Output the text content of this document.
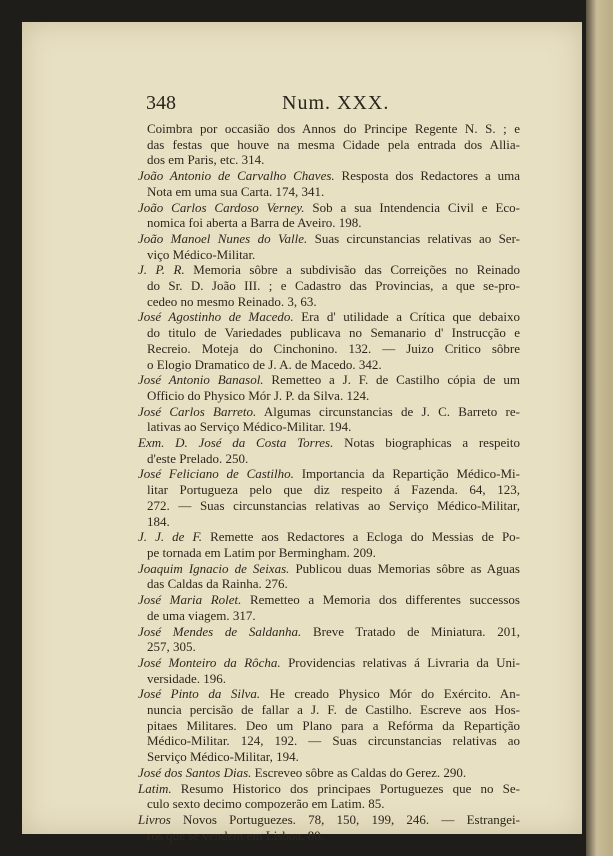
348	Num. XXX.
Coimbra por occasião dos Annos do Principe Regente N. S. ; e
das festas que houve na mesma Cidade pela entrada dos Allia-
dos em Paris, etc. 314.
João Antonio de Carvalho Chaves. Resposta dos Redactores a uma
Nota em uma sua Carta. 174, 341.
João Carlos Cardoso Verney. Sob a sua Intendencia Civil e Eco-
nomica foi aberta a Barra de Aveiro. 198.
João Manoel Nunes do Valle. Suas circunstancias relativas ao Ser-
viço Médico-Militar.
J. P. R. Memoria sôbre a subdivisão das Correições no Reinado
do Sr. D. João III. ; e Cadastro das Provincias, a que se-pro-
cedeo no mesmo Reinado. 3, 63.
José Agostinho de Macedo. Era d' utilidade a Crítica que debaixo
do titulo de Variedades publicava no Semanario d' Instrucção e
Recreio. Moteja do Cinchonino. 132. — Juizo Critico sôbre
o Elogio Dramatico de J. A. de Macedo. 342.
José Antonio Banasol. Remetteo a J. F. de Castilho cópia de um
Officio do Physico Mór J. P. da Silva. 124.
José Carlos Barreto. Algumas circunstancias de J. C. Barreto re-
lativas ao Serviço Médico-Militar. 194.
Exm. D. José da Costa Torres. Notas biographicas a respeito
d'este Prelado. 250.
José Feliciano de Castilho. Importancia da Repartição Médico-Mi-
litar Portugueza pelo que diz respeito á Fazenda. 64, 123,
272. — Suas circunstancias relativas ao Serviço Médico-Militar,
184.
J. J. de F. Remette aos Redactores a Ecloga do Messias de Po-
pe tornada em Latim por Bermingham. 209.
Joaquim Ignacio de Seixas. Publicou duas Memorias sôbre as Aguas
das Caldas da Rainha. 276.
José Maria Rolet. Remetteo a Memoria dos differentes successos
de uma viagem. 317.
José Mendes de Saldanha. Breve Tratado de Miniatura. 201,
257, 305.
José Monteiro da Rôcha. Providencias relativas á Livraria da Uni-
versidade. 196.
José Pinto da Silva. He creado Physico Mór do Exército. An-
nuncia percisão de fallar a J. F. de Castilho. Escreve aos Hos-
pitaes Militares. Deo um Plano para a Refórma da Repartição
Médico-Militar. 124, 192. — Suas circunstancias relativas ao
Serviço Médico-Militar, 194.
José dos Santos Dias. Escreveo sôbre as Caldas do Gerez. 290.
Latim. Resumo Historico dos principaes Portuguezes que no Se-
culo sexto decimo compozerão em Latim. 85.
Livros Novos Portuguezes. 78, 150, 199, 246. — Estrangei-
ros que se vendem em Lisboa, 80.
